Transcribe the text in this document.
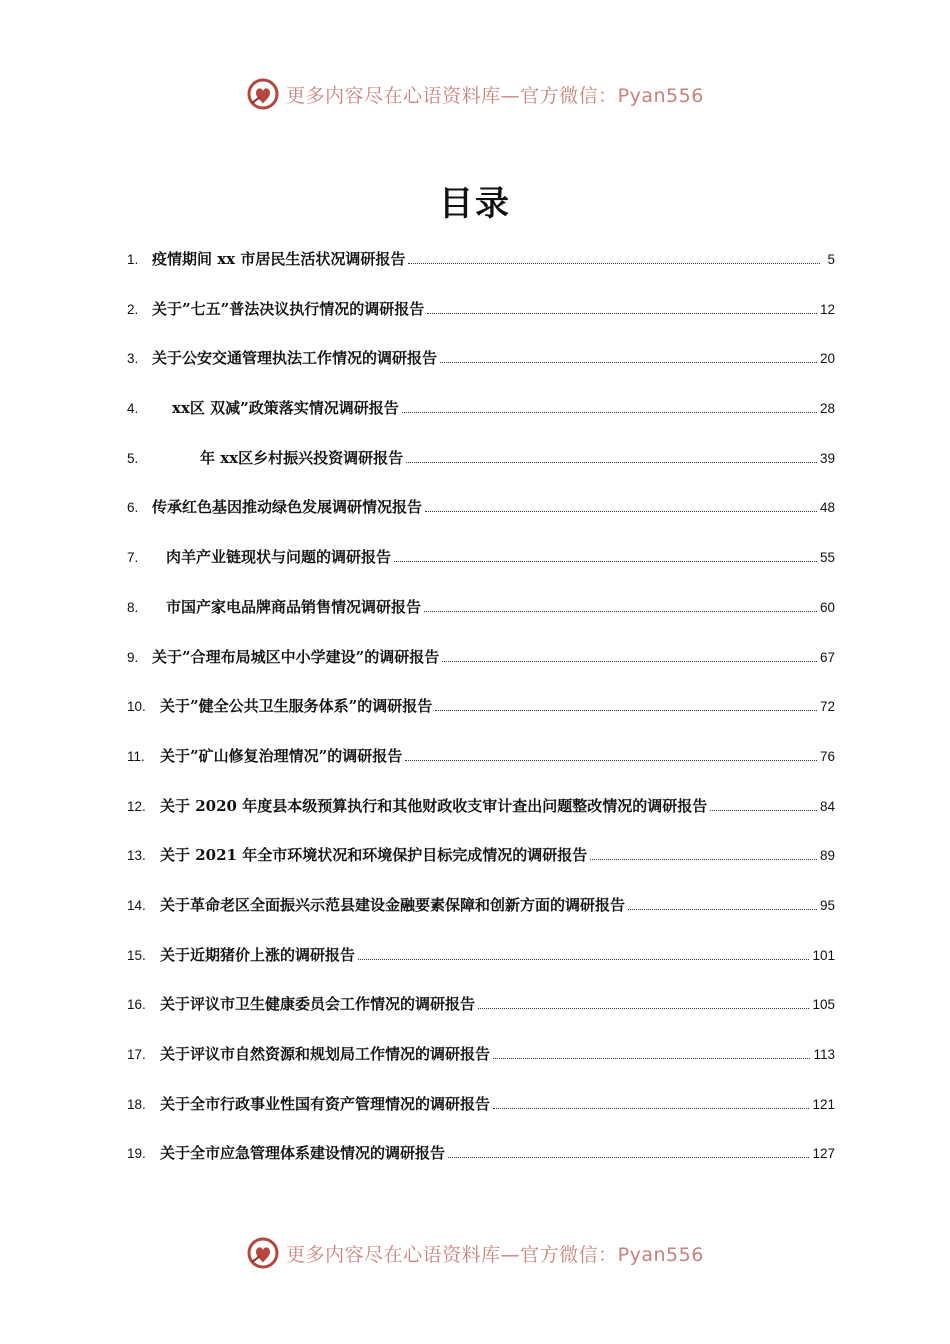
更多内容尽在心语资料库—官方微信：Pyan556
目录
1. 疫情期间 xx 市居民生活状况调研报告	5
2. 关于”七五”普法决议执行情况的调研报告	12
3. 关于公安交通管理执法工作情况的调研报告	20
4.	xx区 双减”政策落实情况调研报告	28
5.	年 xx区乡村振兴投资调研报告	39
6. 传承红色基因推动绿色发展调研情况报告	48
7.	肉羊产业链现状与问题的调研报告	55
8.	市国产家电品牌商品销售情况调研报告	60
9. 关于”合理布局城区中小学建设”的调研报告	67
10. 关于”健全公共卫生服务体系”的调研报告	72
11.	关于”矿山修复治理情况”的调研报告	76
12. 关于 2020 年度县本级预算执行和其他财政收支审计查出问题整改情况的调研报告	84
13. 关于 2021 年全市环境状况和环境保护目标完成情况的调研报告	89
14. 关于革命老区全面振兴示范县建设金融要素保障和创新方面的调研报告	95
15. 关于近期猪价上涨的调研报告	101
16. 关于评议市卫生健康委员会工作情况的调研报告	105
17. 关于评议市自然资源和规划局工作情况的调研报告	113
18. 关于全市行政事业性国有资产管理情况的调研报告	121
19. 关于全市应急管理体系建设情况的调研报告	127
更多内容尽在心语资料库—官方微信：Pyan556
